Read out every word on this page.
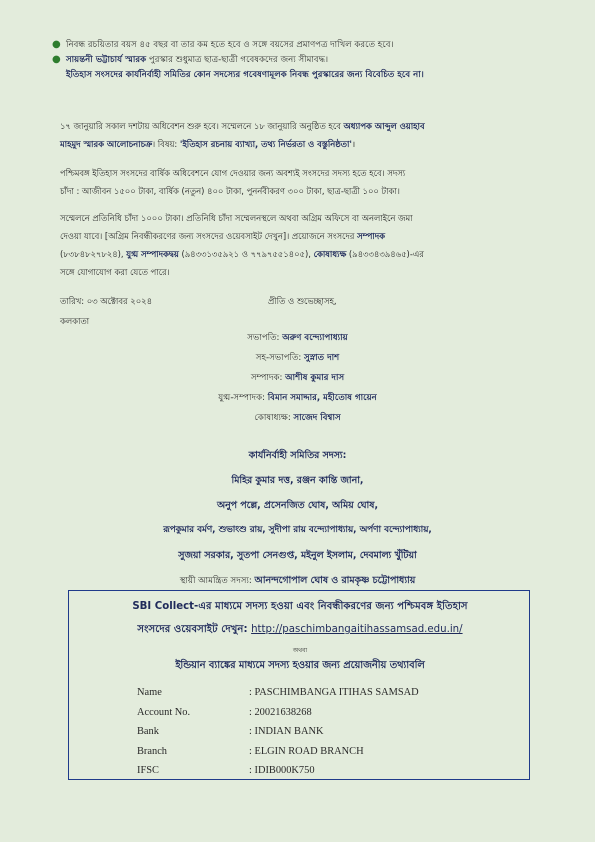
● নিবন্ধ রচয়িতার বয়স ৪৫ বছর বা তার কম হতে হবে ও সঙ্গে বয়সের প্রমাণপত্র দাখিল করতে হবে।
● সায়ন্তনী ভট্টাচার্য স্মারক পুরস্কার শুধুমাত্র ছাত্র-ছাত্রী গবেষকদের জন্য সীমাবদ্ধ।
ইতিহাস সংসদের কার্যনির্বাহী সমিতির কোন সদস্যের গবেষণামূলক নিবন্ধ পুরস্কারের জন্য বিবেচিত হবে না।
১৭ জানুয়ারি সকাল দশটায় অধিবেশন শুরু হবে। সম্মেলনে ১৮ জানুয়ারি অনুষ্ঠিত হবে অধ্যাপক আব্দুল ওয়াহাব
মাহমুদ স্মারক আলোচনাচক্র। বিষয়: 'ইতিহাস রচনায় ব্যাখ্যা, তথ্য নির্ভরতা ও বস্তুনিষ্ঠতা'।
পশ্চিমবঙ্গ ইতিহাস সংসদের বার্ষিক অধিবেশনে যোগ দেওয়ার জন্য অবশ্যই সংসদের সদস্য হতে হবে। সদস্য
চাঁদা : আজীবন ১৫০০ টাকা, বার্ষিক (নতুন) ৪০০ টাকা, পুনর্নবীকরণ ৩০০ টাকা, ছাত্র-ছাত্রী ১০০ টাকা।
সম্মেলনে প্রতিনিধি চাঁদা ১০০০ টাকা। প্রতিনিধি চাঁদা সম্মেলনস্থলে অথবা অগ্রিম অফিসে বা অনলাইনে জমা
দেওয়া যাবে। [অগ্রিম নিবন্ধীকরণের জন্য সংসদের ওয়েবসাইট দেখুন]। প্রয়োজনে সংসদের সম্পাদক
(৮৩৮৪৮২৭৮২৪), যুগ্ম সম্পাদকদ্বয় (৯৪৩৩১৩৫৯২১ ও ৭৭৯৭৫৫১৪০৫), কোষাধ্যক্ষ (৯৪৩৩৪৩৯৪৬৫)-এর
সঙ্গে যোগাযোগ করা যেতে পারে।
তারিখ: ০৩ অক্টোবর ২০২৪	প্রীতি ও শুভেচ্ছাসহ,
কলকাতা
সভাপতি: অরুণ বন্দ্যোপাধ্যায়
সহ-সভাপতি: সুস্নাত দাশ
সম্পাদক: আশীষ কুমার দাস
যুগ্ম-সম্পাদক: বিমান সমাদ্দার, মহীতোষ গায়েন
কোষাধ্যক্ষ: সাজেদ বিশ্বাস
কার্যনির্বাহী সমিতির সদস্য:
মিহির কুমার দত্ত, রঞ্জন কান্তি জানা,
অনুপ পল্লে, প্রসেনজিত ঘোষ, অমিয় ঘোষ,
রূপকুমার বর্মণ, শুভাংশু রায়, সুদীপা রায় বন্দ্যোপাধ্যায়, অর্পণা বন্দ্যোপাধ্যায়,
সুজয়া সরকার, সুতপা সেনগুপ্ত, মইনুল ইসলাম, দেবমাল্য খুঁটিয়া
স্থায়ী আমন্ত্রিত সদস্য: আনন্দগোপাল ঘোষ ও রামকৃষ্ণ চট্টোপাধ্যায়
SBI Collect-এর মাধ্যমে সদস্য হওয়া এবং নিবন্ধীকরণের জন্য পশ্চিমবঙ্গ ইতিহাস
সংসদের ওয়েবসাইট দেখুন: http://paschimbangaitihassamsad.edu.in/
অথবা
ইন্ডিয়ান ব্যাঙ্কের মাধ্যমে সদস্য হওয়ার জন্য প্রয়োজনীয় তথ্যাবলি
Name	: PASCHIMBANGA ITIHAS SAMSAD
Account No.	: 20021638268
Bank	: INDIAN BANK
Branch	: ELGIN ROAD BRANCH
IFSC	: IDIB000K750
